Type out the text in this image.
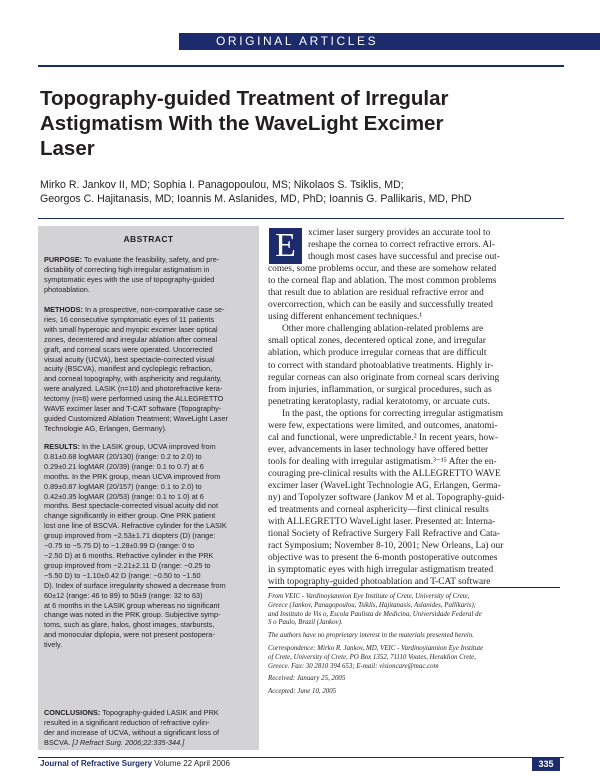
ORIGINAL ARTICLES
Topography-guided Treatment of Irregular
Astigmatism With the WaveLight Excimer
Laser
Mirko R. Jankov II, MD; Sophia I. Panagopoulou, MS; Nikolaos S. Tsiklis, MD;
Georgos C. Hajitanasis, MD; Ioannis M. Aslanides, MD, PhD; Ioannis G. Pallikaris, MD, PhD
ABSTRACT
PURPOSE: To evaluate the feasibility, safety, and pre-
dictability of correcting high irregular astigmatism in
symptomatic eyes with the use of topography-guided
photoablation.
METHODS: In a prospective, non-comparative case se-
ries, 16 consecutive symptomatic eyes of 11 patients
with small hyperopic and myopic excimer laser optical
zones, decentered and irregular ablation after corneal
graft, and corneal scars were operated. Uncorrected
visual acuity (UCVA), best spectacle-corrected visual
acuity (BSCVA), manifest and cycloplegic refraction,
and corneal topography, with asphericity and regularity,
were analyzed. LASIK (n=10) and photorefractive kera-
tectomy (n=6) were performed using the ALLEGRETTO
WAVE excimer laser and T-CAT software (Topography-
guided Customized Ablation Treatment; WaveLight Laser
Technologie AG, Erlangen, Germany).
RESULTS: In the LASIK group, UCVA improved from
0.81±0.68 logMAR (20/130) (range: 0.2 to 2.0) to
0.29±0.21 logMAR (20/39) (range: 0.1 to 0.7) at 6
months. In the PRK group, mean UCVA improved from
0.89±0.87 logMAR (20/157) (range: 0.1 to 2.0) to
0.42±0.35 logMAR (20/53) (range: 0.1 to 1.0) at 6
months. Best spectacle-corrected visual acuity did not
change significantly in either group. One PRK patient
lost one line of BSCVA. Refractive cylinder for the LASIK
group improved from −2.53±1.71 diopters (D) (range:
−0.75 to −5.75 D) to −1.28±0.99 D (range: 0 to
−2.50 D) at 6 months. Refractive cylinder in the PRK
group improved from −2.21±2.11 D (range: −0.25 to
−5.50 D) to −1.10±0.42 D (range: −0.50 to −1.50
D). Index of surface irregularity showed a decrease from
60±12 (range: 46 to 89) to 50±9 (range: 32 to 63)
at 6 months in the LASIK group whereas no significant
change was noted in the PRK group. Subjective symp-
toms, such as glare, halos, ghost images, starbursts,
and monocular diplopia, were not present postopera-
tively.
CONCLUSIONS: Topography-guided LASIK and PRK
resulted in a significant reduction of refractive cylin-
der and increase of UCVA, without a significant loss of
BSCVA. [J Refract Surg. 2006;22:335-344.]
E	xcimer laser surgery provides an accurate tool to
reshape the cornea to correct refractive errors. Al-
though most cases have successful and precise out-
comes, some problems occur, and these are somehow related
to the corneal flap and ablation. The most common problems
that result due to ablation are residual refractive error and
overcorrection, which can be easily and successfully treated
using different enhancement techniques.¹
Other more challenging ablation-related problems are
small optical zones, decentered optical zone, and irregular
ablation, which produce irregular corneas that are difficult
to correct with standard photoablative treatments. Highly ir-
regular corneas can also originate from corneal scars deriving
from injuries, inflammation, or surgical procedures, such as
penetrating keratoplasty, radial keratotomy, or arcuate cuts.
In the past, the options for correcting irregular astigmatism
were few, expectations were limited, and outcomes, anatomi-
cal and functional, were unpredictable.² In recent years, how-
ever, advancements in laser technology have offered better
tools for dealing with irregular astigmatism.³⁻¹⁵ After the en-
couraging pre-clinical results with the ALLEGRETTO WAVE
excimer laser (WaveLight Technologie AG, Erlangen, Germa-
ny) and Topolyzer software (Jankov M et al. Topography-guid-
ed treatments and corneal asphericity—first clinical results
with ALLEGRETTO WaveLight laser. Presented at: Interna-
tional Society of Refractive Surgery Fall Refractive and Cata-
ract Symposium; November 8-10, 2001; New Orleans, La) our
objective was to present the 6-month postoperative outcomes
in symptomatic eyes with high irregular astigmatism treated
with topography-guided photoablation and T-CAT software
From VEIC - Vardinoyiannion Eye Institute of Crete, University of Crete,
Greece (Jankov, Panagopoulou, Tsiklis, Hajitanasis, Aslanides, Pallikaris);
and Instituto de Vis o, Escola Paulista de Medicina, Universidade Federal de
S o Paulo, Brazil (Jankov).
The authors have no proprietary interest in the materials presented herein.
Correspondence: Mirko R. Jankov, MD, VEIC - Vardinoyiannion Eye Institute
of Crete, University of Crete, PO Box 1352, 71110 Voutes, Heraklion Crete,
Greece. Fax: 30 2810 394 653; E-mail: visioncare@mac.com
Received: January 25, 2005
Accepted: June 10, 2005
Journal of Refractive Surgery Volume 22 April 2006	335
